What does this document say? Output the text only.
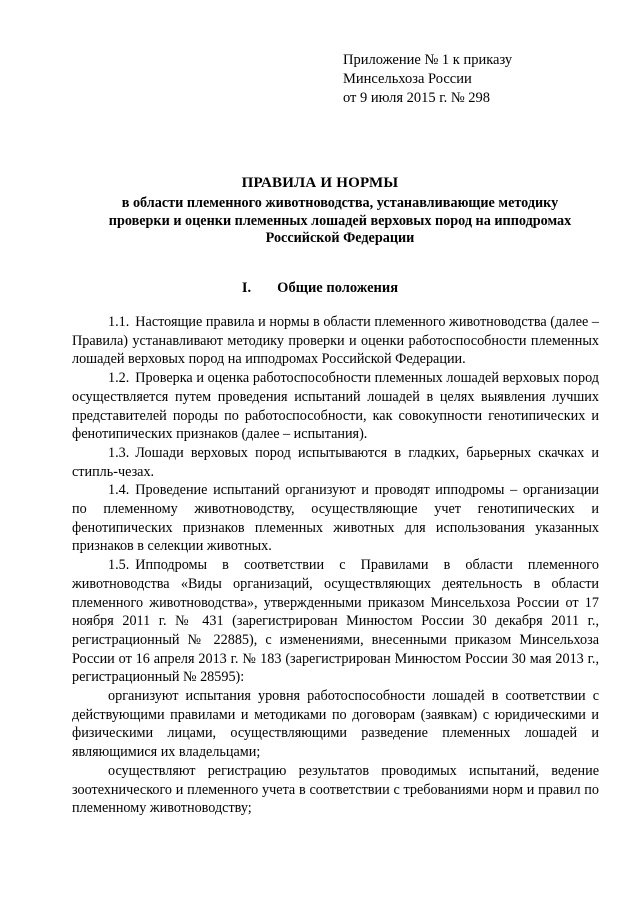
Приложение № 1 к приказу
Минсельхоза России
от 9 июля 2015 г. № 298
ПРАВИЛА И НОРМЫ
в области племенного животноводства, устанавливающие методику
проверки и оценки племенных лошадей верховых пород на ипподромах
Российской Федерации
I. Общие положения

1.1. Настоящие правила и нормы в области племенного животноводства (далее – Правила) устанавливают методику проверки и оценки работоспособности племенных лошадей верховых пород на ипподромах Российской Федерации.

1.2. Проверка и оценка работоспособности племенных лошадей верховых пород осуществляется путем проведения испытаний лошадей в целях выявления лучших представителей породы по работоспособности, как совокупности генотипических и фенотипических признаков (далее – испытания).

1.3. Лошади верховых пород испытываются в гладких, барьерных скачках и стипль-чезах.

1.4. Проведение испытаний организуют и проводят ипподромы – организации по племенному животноводству, осуществляющие учет генотипических и фенотипических признаков племенных животных для использования указанных признаков в селекции животных.

1.5. Ипподромы в соответствии с Правилами в области племенного животноводства «Виды организаций, осуществляющих деятельность в области племенного животноводства», утвержденными приказом Минсельхоза России от 17 ноября 2011 г. № 431 (зарегистрирован Минюстом России 30 декабря 2011 г., регистрационный № 22885), с изменениями, внесенными приказом Минсельхоза России от 16 апреля 2013 г. № 183 (зарегистрирован Минюстом России 30 мая 2013 г., регистрационный № 28595):

организуют испытания уровня работоспособности лошадей в соответствии с действующими правилами и методиками по договорам (заявкам) с юридическими и физическими лицами, осуществляющими разведение племенных лошадей и являющимися их владельцами;

осуществляют регистрацию результатов проводимых испытаний, ведение зоотехнического и племенного учета в соответствии с требованиями норм и правил по племенному животноводству;
